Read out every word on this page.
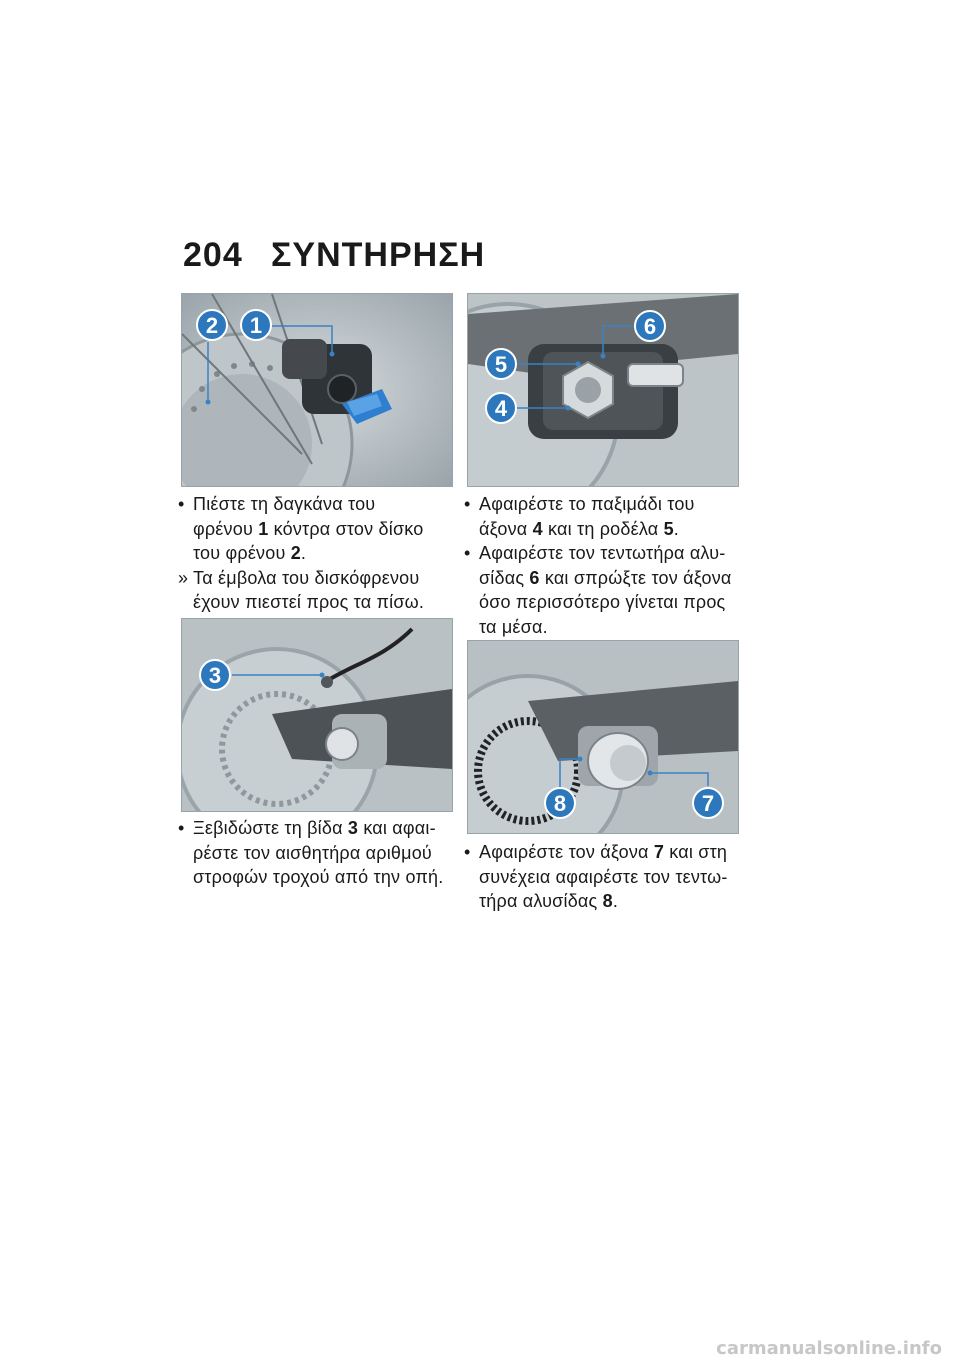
204 ΣΥΝΤΗΡΗΣΗ
2 1
3
6
5
4
8	7
• Πιέστε τη δαγκάνα του
φρένου 1 κόντρα στον δίσκο
του φρένου 2.
» Τα έμβολα του δισκόφρενου
έχουν πιεστεί προς τα πίσω.
• Ξεβιδώστε τη βίδα 3 και αφαι-
ρέστε τον αισθητήρα αριθμού
στροφών τροχού από την οπή.
• Αφαιρέστε το παξιμάδι του
άξονα 4 και τη ροδέλα 5.
• Αφαιρέστε τον τεντωτήρα αλυ-
σίδας 6 και σπρώξτε τον άξονα
όσο περισσότερο γίνεται προς
τα μέσα.
• Αφαιρέστε τον άξονα 7 και στη
συνέχεια αφαιρέστε τον τεντω-
τήρα αλυσίδας 8.
carmanualsonline.info
